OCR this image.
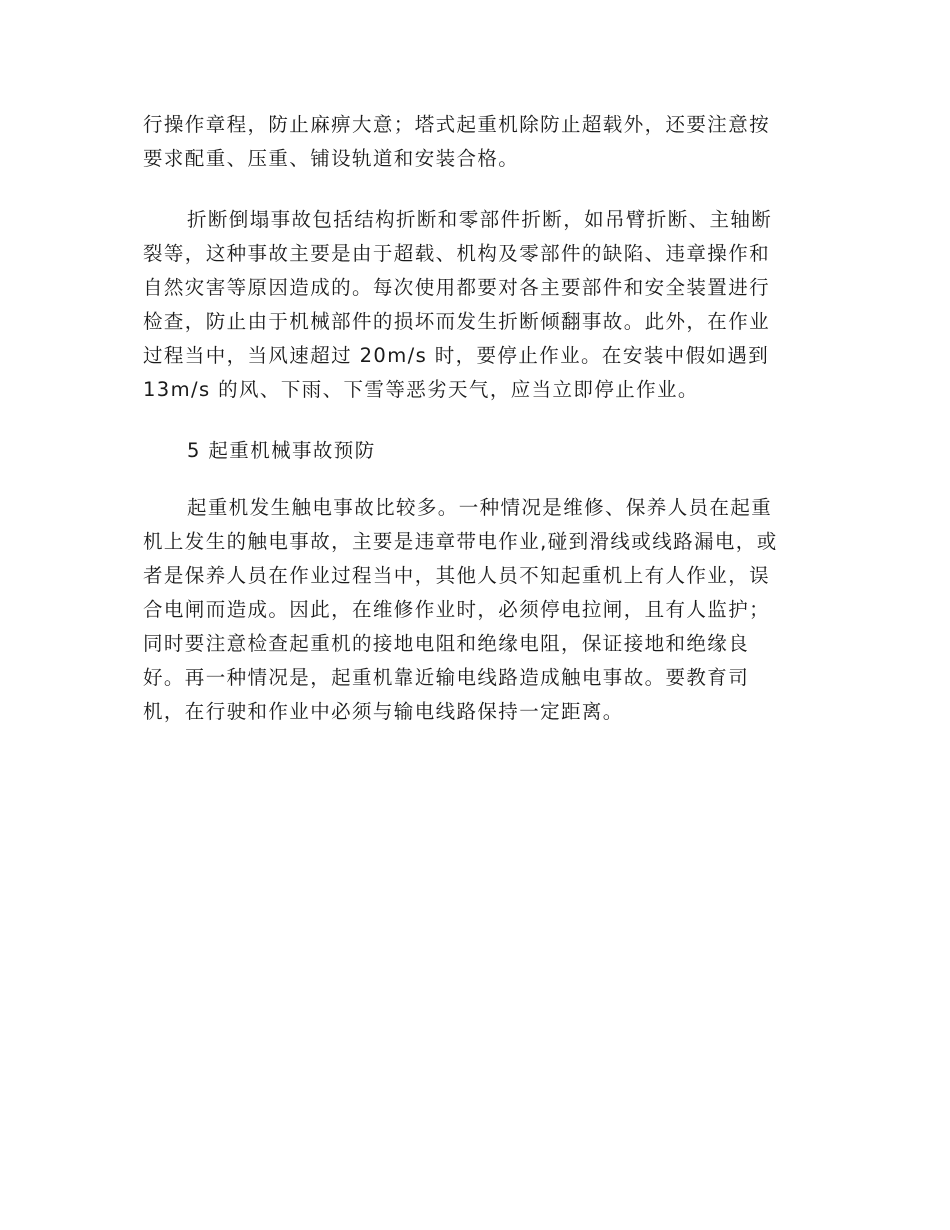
行操作章程，防止麻痹大意；塔式起重机除防止超载外，还要注意按
要求配重、压重、铺设轨道和安装合格。
折断倒塌事故包括结构折断和零部件折断，如吊臂折断、主轴断
裂等，这种事故主要是由于超载、机构及零部件的缺陷、违章操作和
自然灾害等原因造成的。每次使用都要对各主要部件和安全装置进行
检查，防止由于机械部件的损坏而发生折断倾翻事故。此外，在作业
过程当中，当风速超过 20m/s 时，要停止作业。在安装中假如遇到
13m/s 的风、下雨、下雪等恶劣天气，应当立即停止作业。
5 起重机械事故预防
起重机发生触电事故比较多。一种情况是维修、保养人员在起重
机上发生的触电事故，主要是违章带电作业,碰到滑线或线路漏电，或
者是保养人员在作业过程当中，其他人员不知起重机上有人作业，误
合电闸而造成。因此，在维修作业时，必须停电拉闸，且有人监护；
同时要注意检查起重机的接地电阻和绝缘电阻，保证接地和绝缘良
好。再一种情况是，起重机靠近输电线路造成触电事故。要教育司
机，在行驶和作业中必须与输电线路保持一定距离。
